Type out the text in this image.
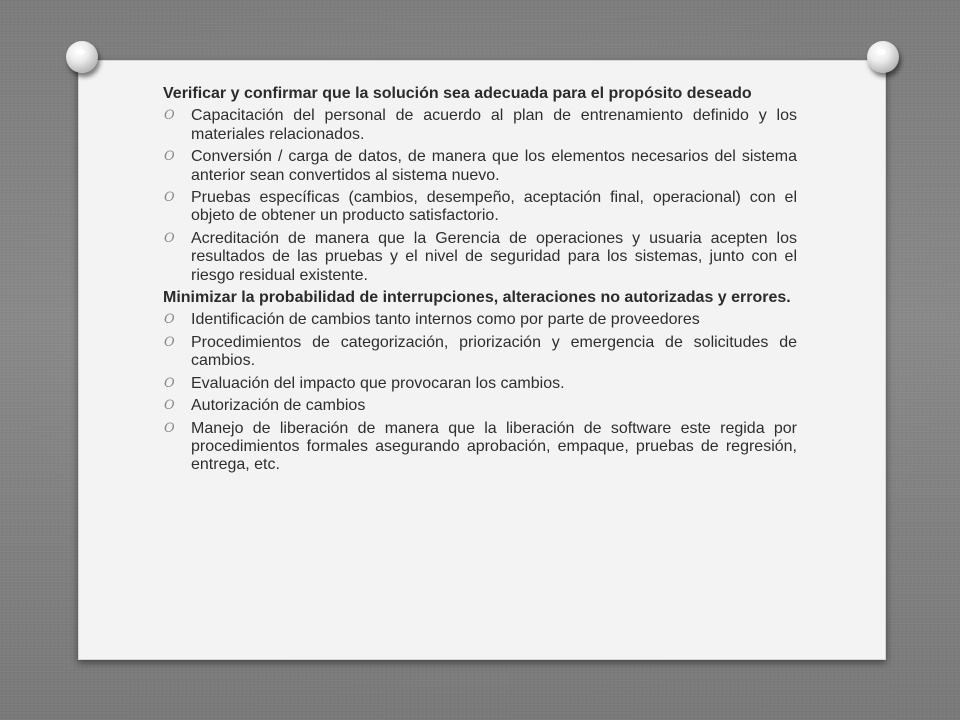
Verificar y confirmar que la solución sea adecuada para el propósito deseado

O Capacitación del personal de acuerdo al plan de entrenamiento definido y los materiales relacionados.
O Conversión / carga de datos, de manera que los elementos necesarios del sistema anterior sean convertidos al sistema nuevo.
O Pruebas específicas (cambios, desempeño, aceptación final, operacional) con el objeto de obtener un producto satisfactorio.
O Acreditación de manera que la Gerencia de operaciones y usuaria acepten los resultados de las pruebas y el nivel de seguridad para los sistemas, junto con el riesgo residual existente.

Minimizar la probabilidad de interrupciones, alteraciones no autorizadas y errores.

O Identificación de cambios tanto internos como por parte de proveedores
O Procedimientos de categorización, priorización y emergencia de solicitudes de cambios.
O Evaluación del impacto que provocaran los cambios.
O Autorización de cambios
O Manejo de liberación de manera que la liberación de software este regida por procedimientos formales asegurando aprobación, empaque, pruebas de regresión, entrega, etc.
